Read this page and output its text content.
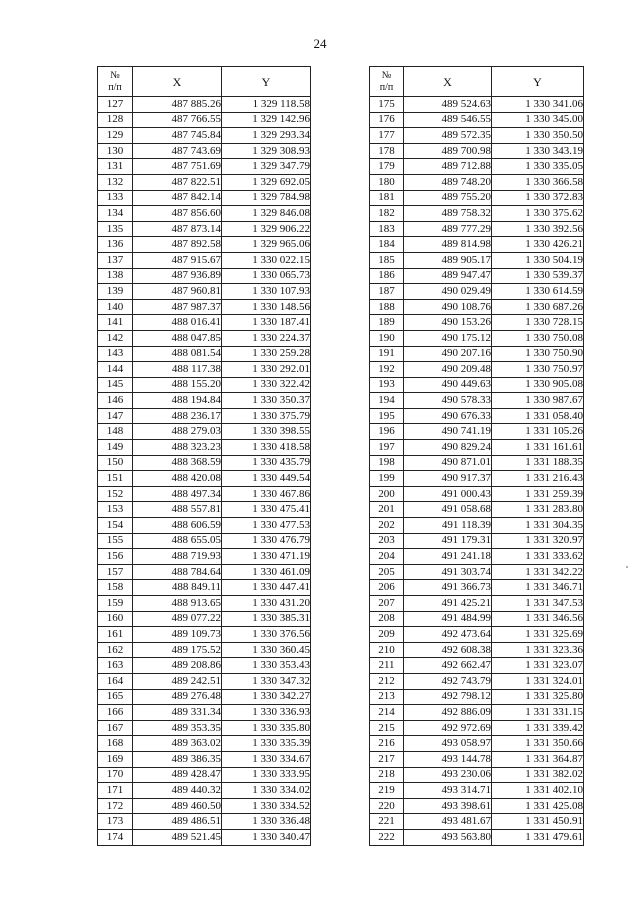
24
№
п/п	X	Y
127	487 885.26	1 329 118.58
128	487 766.55	1 329 142.96
129	487 745.84	1 329 293.34
130	487 743.69	1 329 308.93
131	487 751.69	1 329 347.79
132	487 822.51	1 329 692.05
133	487 842.14	1 329 784.98
134	487 856.60	1 329 846.08
135	487 873.14	1 329 906.22
136	487 892.58	1 329 965.06
137	487 915.67	1 330 022.15
138	487 936.89	1 330 065.73
139	487 960.81	1 330 107.93
140	487 987.37	1 330 148.56
141	488 016.41	1 330 187.41
142	488 047.85	1 330 224.37
143	488 081.54	1 330 259.28
144	488 117.38	1 330 292.01
145	488 155.20	1 330 322.42
146	488 194.84	1 330 350.37
147	488 236.17	1 330 375.79
148	488 279.03	1 330 398.55
149	488 323.23	1 330 418.58
150	488 368.59	1 330 435.79
151	488 420.08	1 330 449.54
152	488 497.34	1 330 467.86
153	488 557.81	1 330 475.41
154	488 606.59	1 330 477.53
155	488 655.05	1 330 476.79
156	488 719.93	1 330 471.19
157	488 784.64	1 330 461.09
158	488 849.11	1 330 447.41
159	488 913.65	1 330 431.20
160	489 077.22	1 330 385.31
161	489 109.73	1 330 376.56
162	489 175.52	1 330 360.45
163	489 208.86	1 330 353.43
164	489 242.51	1 330 347.32
165	489 276.48	1 330 342.27
166	489 331.34	1 330 336.93
167	489 353.35	1 330 335.80
168	489 363.02	1 330 335.39
169	489 386.35	1 330 334.67
170	489 428.47	1 330 333.95
171	489 440.32	1 330 334.02
172	489 460.50	1 330 334.52
173	489 486.51	1 330 336.48
174	489 521.45	1 330 340.47
№
п/п	X	Y
175	489 524.63	1 330 341.06
176	489 546.55	1 330 345.00
177	489 572.35	1 330 350.50
178	489 700.98	1 330 343.19
179	489 712.88	1 330 335.05
180	489 748.20	1 330 366.58
181	489 755.20	1 330 372.83
182	489 758.32	1 330 375.62
183	489 777.29	1 330 392.56
184	489 814.98	1 330 426.21
185	489 905.17	1 330 504.19
186	489 947.47	1 330 539.37
187	490 029.49	1 330 614.59
188	490 108.76	1 330 687.26
189	490 153.26	1 330 728.15
190	490 175.12	1 330 750.08
191	490 207.16	1 330 750.90
192	490 209.48	1 330 750.97
193	490 449.63	1 330 905.08
194	490 578.33	1 330 987.67
195	490 676.33	1 331 058.40
196	490 741.19	1 331 105.26
197	490 829.24	1 331 161.61
198	490 871.01	1 331 188.35
199	490 917.37	1 331 216.43
200	491 000.43	1 331 259.39
201	491 058.68	1 331 283.80
202	491 118.39	1 331 304.35
203	491 179.31	1 331 320.97
204	491 241.18	1 331 333.62
205	491 303.74	1 331 342.22
206	491 366.73	1 331 346.71
207	491 425.21	1 331 347.53
208	491 484.99	1 331 346.56
209	492 473.64	1 331 325.69
210	492 608.38	1 331 323.36
211	492 662.47	1 331 323.07
212	492 743.79	1 331 324.01
213	492 798.12	1 331 325.80
214	492 886.09	1 331 331.15
215	492 972.69	1 331 339.42
216	493 058.97	1 331 350.66
217	493 144.78	1 331 364.87
218	493 230.06	1 331 382.02
219	493 314.71	1 331 402.10
220	493 398.61	1 331 425.08
221	493 481.67	1 331 450.91
222	493 563.80	1 331 479.61
